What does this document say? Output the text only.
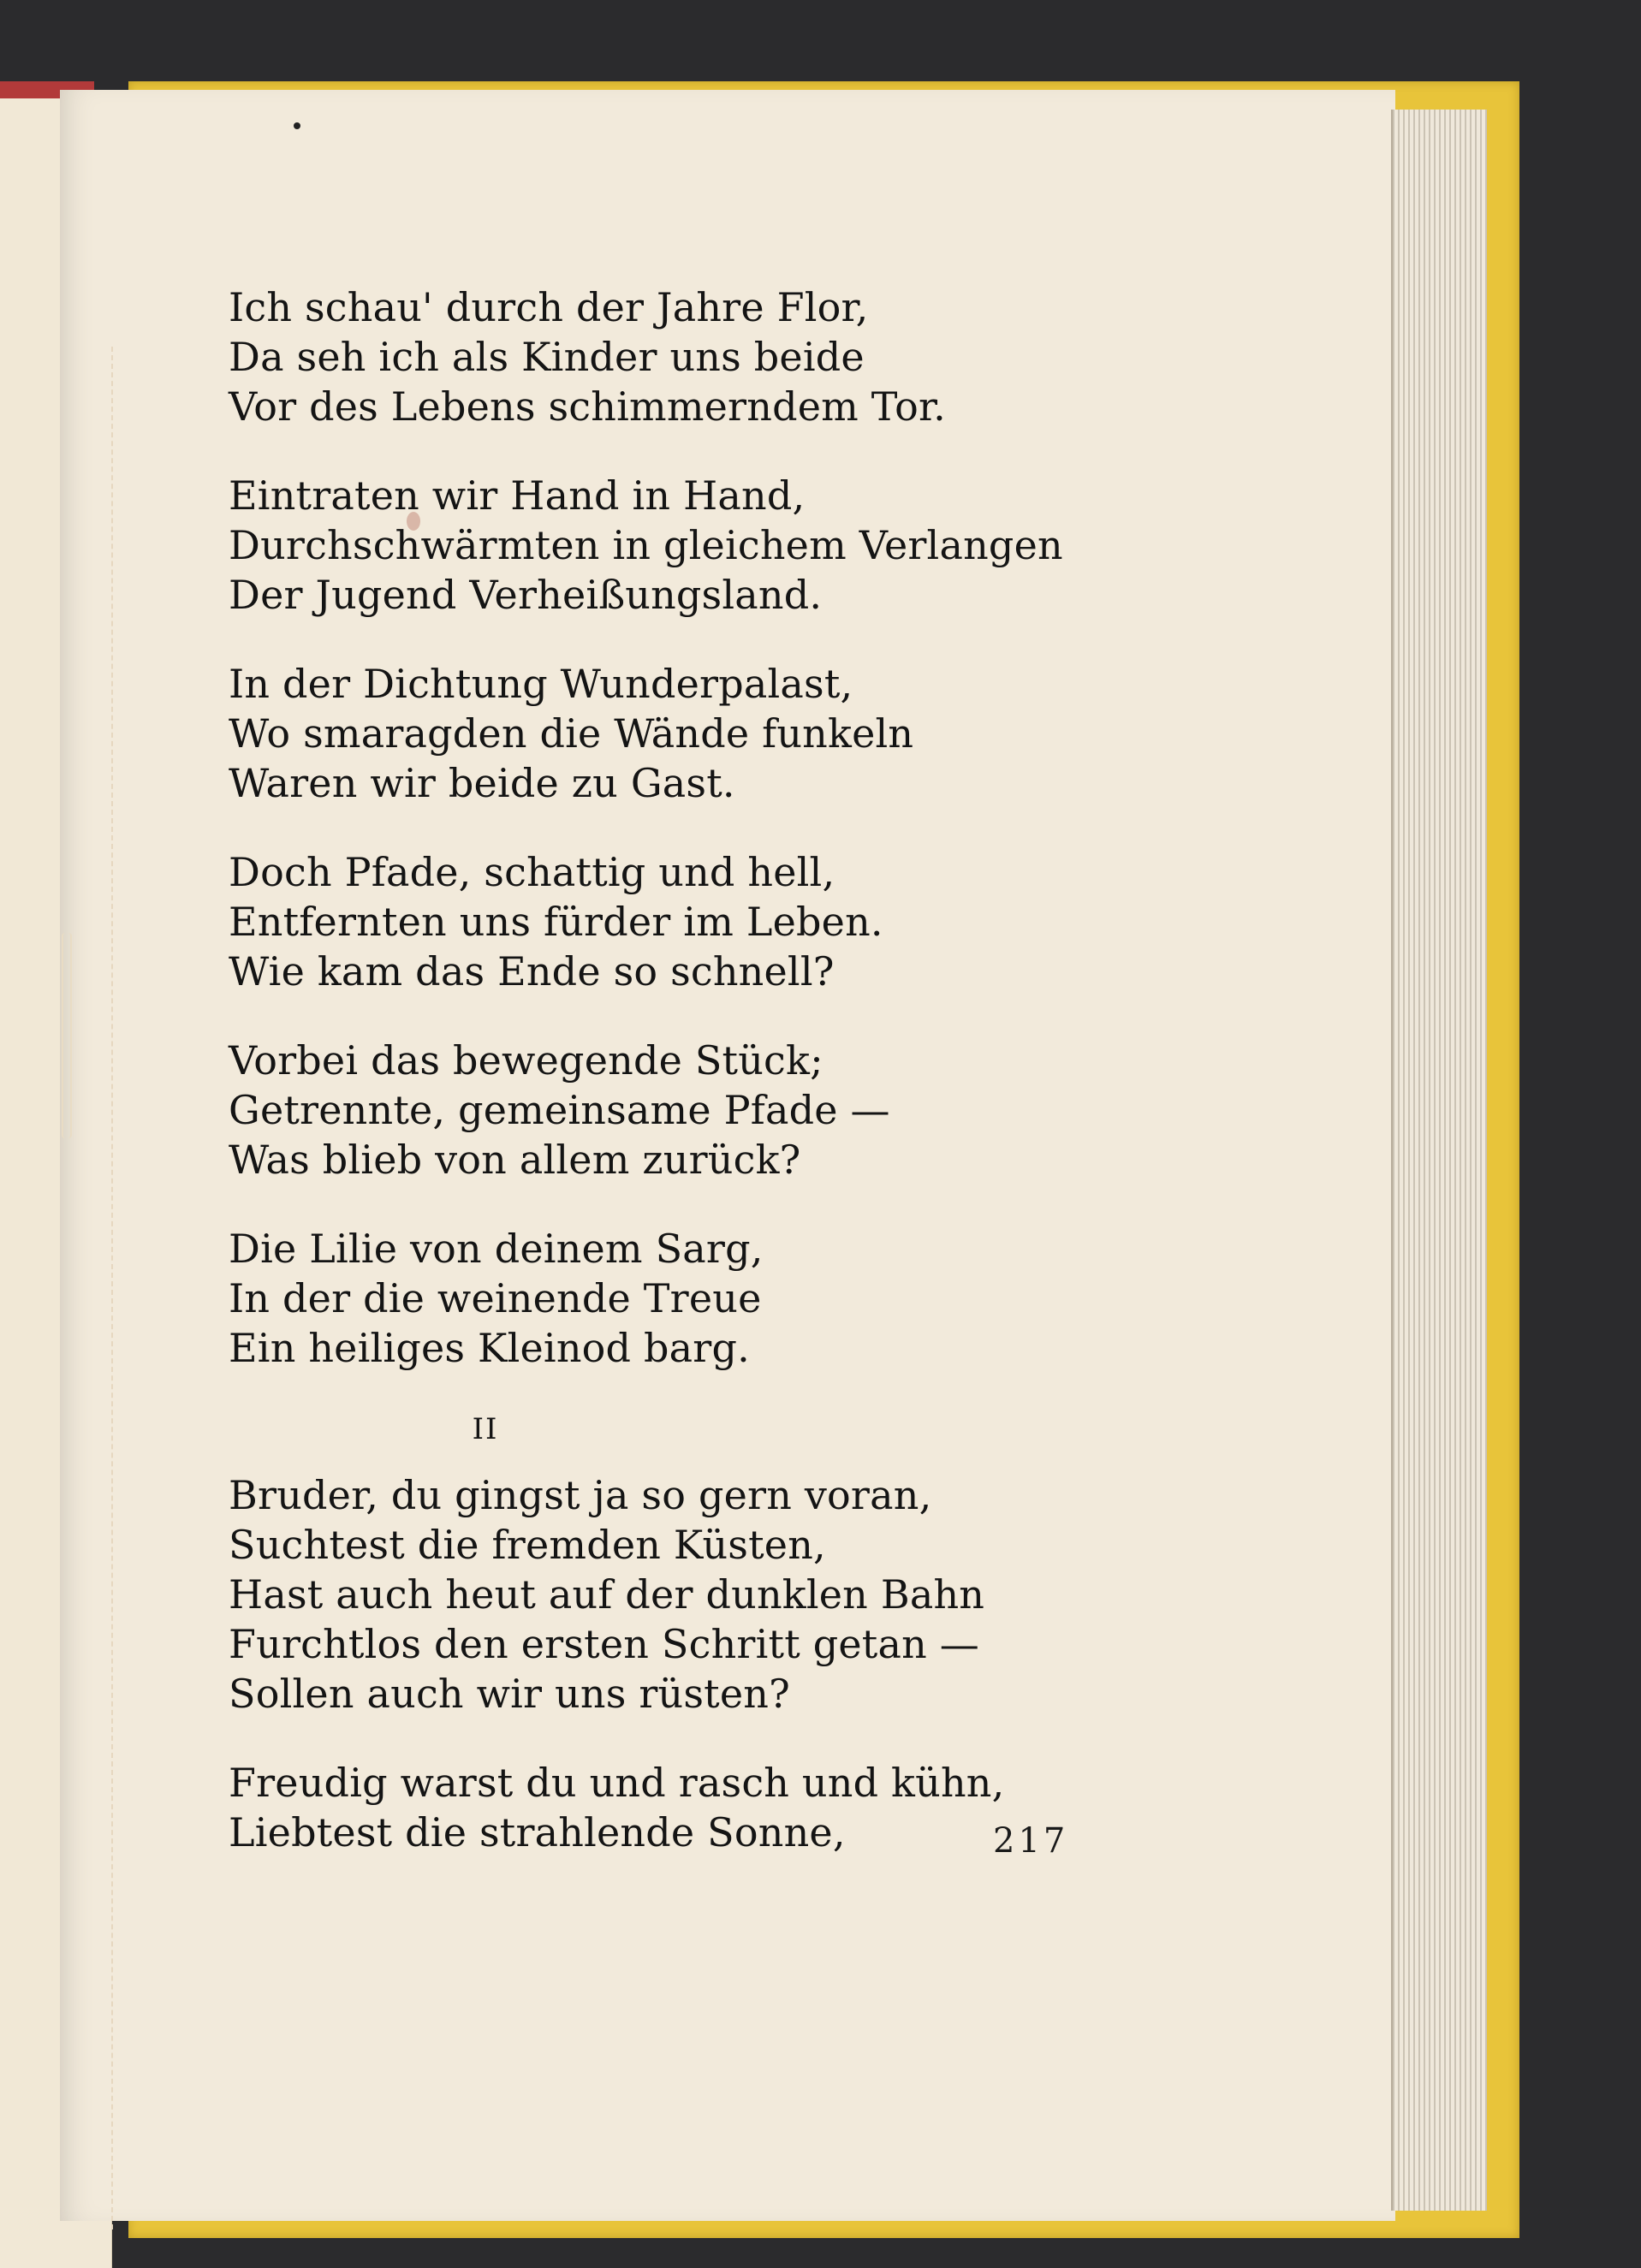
Ich schau' durch der Jahre Flor,
Da seh ich als Kinder uns beide
Vor des Lebens schimmerndem Tor.
Eintraten wir Hand in Hand,
Durchschwärmten in gleichem Verlangen
Der Jugend Verheißungsland.
In der Dichtung Wunderpalast,
Wo smaragden die Wände funkeln
Waren wir beide zu Gast.
Doch Pfade, schattig und hell,
Entfernten uns fürder im Leben.
Wie kam das Ende so schnell?
Vorbei das bewegende Stück;
Getrennte, gemeinsame Pfade —
Was blieb von allem zurück?
Die Lilie von deinem Sarg,
In der die weinende Treue
Ein heiliges Kleinod barg.
II
Bruder, du gingst ja so gern voran,
Suchtest die fremden Küsten,
Hast auch heut auf der dunklen Bahn
Furchtlos den ersten Schritt getan —
Sollen auch wir uns rüsten?
Freudig warst du und rasch und kühn,
Liebtest die strahlende Sonne,	217
